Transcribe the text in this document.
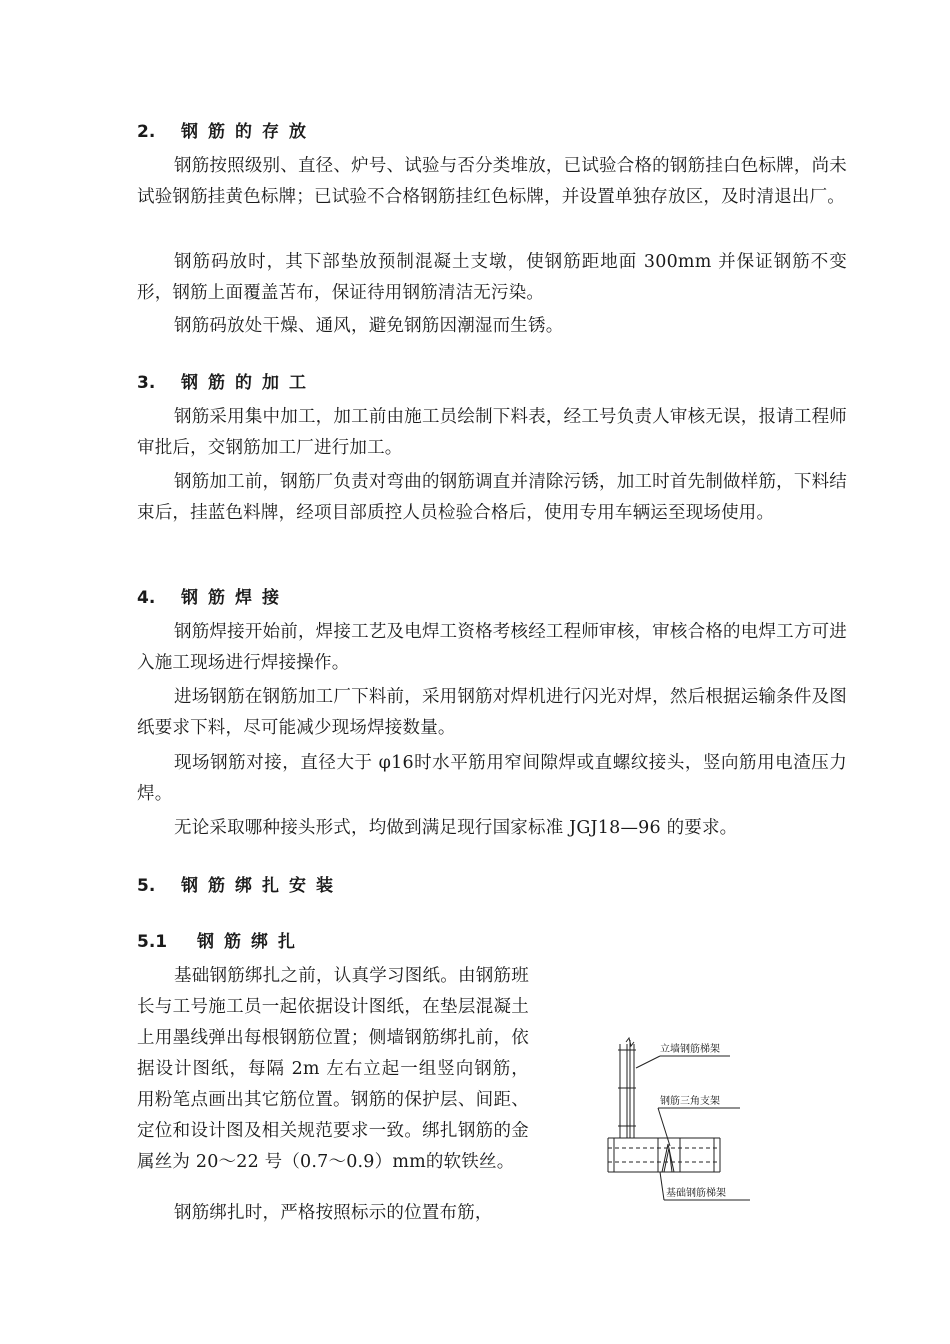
2. 钢筋的存放

钢筋按照级别、直径、炉号、试验与否分类堆放，已试验合格的钢筋挂白色标牌，尚未试验钢筋挂黄色标牌；已试验不合格钢筋挂红色标牌，并设置单独存放区，及时清退出厂。

钢筋码放时，其下部垫放预制混凝土支墩，使钢筋距地面 300mm 并保证钢筋不变形，钢筋上面覆盖苫布，保证待用钢筋清洁无污染。

钢筋码放处干燥、通风，避免钢筋因潮湿而生锈。

3. 钢筋的加工

钢筋采用集中加工，加工前由施工员绘制下料表，经工号负责人审核无误，报请工程师审批后，交钢筋加工厂进行加工。

钢筋加工前，钢筋厂负责对弯曲的钢筋调直并清除污锈，加工时首先制做样筋，下料结束后，挂蓝色料牌，经项目部质控人员检验合格后，使用专用车辆运至现场使用。

4. 钢筋焊接

钢筋焊接开始前，焊接工艺及电焊工资格考核经工程师审核，审核合格的电焊工方可进入施工现场进行焊接操作。

进场钢筋在钢筋加工厂下料前，采用钢筋对焊机进行闪光对焊，然后根据运输条件及图纸要求下料，尽可能减少现场焊接数量。

现场钢筋对接，直径大于 φ16时水平筋用窄间隙焊或直螺纹接头，竖向筋用电渣压力焊。

无论采取哪种接头形式，均做到满足现行国家标准 JGJ18—96 的要求。

5. 钢筋绑扎安装
5.1 钢筋绑扎

基础钢筋绑扎之前，认真学习图纸。由钢筋班长与工号施工员一起依据设计图纸，在垫层混凝土上用墨线弹出每根钢筋位置；侧墙钢筋绑扎前，依据设计图纸，每隔 2m 左右立起一组竖向钢筋，用粉笔点画出其它筋位置。钢筋的保护层、间距、定位和设计图及相关规范要求一致。绑扎钢筋的金属丝为 20～22 号（0.7～0.9）mm的软铁丝。

钢筋绑扎时，严格按照标示的位置布筋，

立墙钢筋梯架
钢筋三角支架
基础钢筋梯架
